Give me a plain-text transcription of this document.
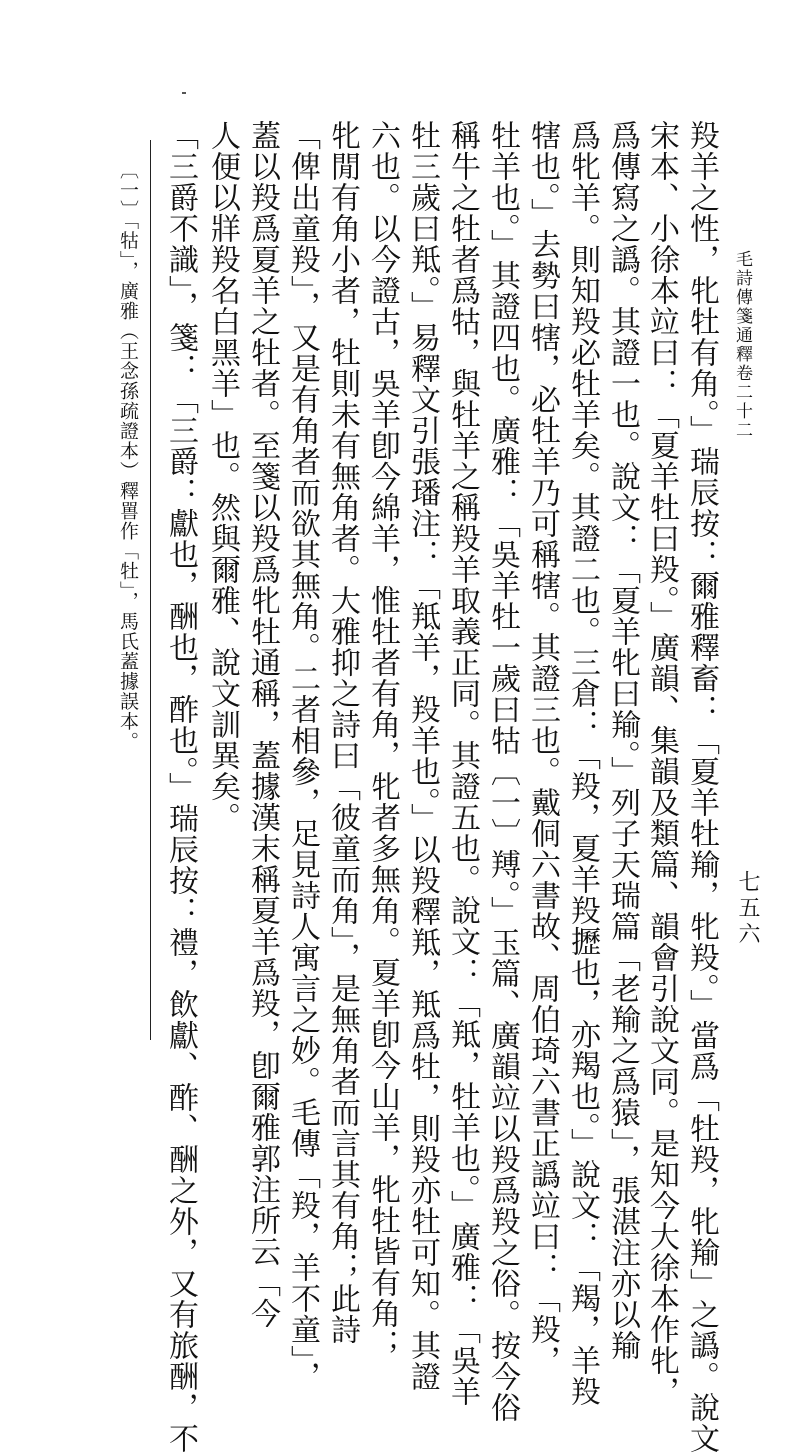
毛詩傳箋通釋卷二十二
七五六
羖羊之性，牝牡有角。」瑞辰按：爾雅釋畜：「夏羊牡羭，牝羖。」當爲「牡羖，牝羭」之譌。說文
宋本、小徐本竝曰：「夏羊牡曰羖。」廣韻、集韻及類篇、韻會引說文同。是知今大徐本作牝，
爲傳寫之譌。其證一也。說文：「夏羊牝曰羭。」列子天瑞篇「老羭之爲猿」，張湛注亦以羭
爲牝羊。則知羖必牡羊矣。其證二也。三倉：「羖，夏羊羖攊也，亦羯也。」說文：「羯，羊羖
犗也。」去勢曰犗，必牡羊乃可稱犗。其證三也。戴侗六書故、周伯琦六書正譌竝曰：「羖，
牡羊也。」其證四也。廣雅：「吳羊牡一歲曰牯〔一〕䍸。」玉篇、廣韻竝以羖爲羖之俗。按今俗
稱牛之牡者爲牯，與牡羊之稱羖羊取義正同。其證五也。說文：「羝，牡羊也。」廣雅：「吳羊
牡三歲曰羝。」易釋文引張璠注：「羝羊，羖羊也。」以羖釋羝，羝爲牡，則羖亦牡可知。其證
六也。以今證古，吳羊卽今綿羊，惟牡者有角，牝者多無角。夏羊卽今山羊，牝牡皆有角；
牝閒有角小者，牡則未有無角者。大雅抑之詩曰「彼童而角」，是無角者而言其有角；此詩
「俾出童羖」，又是有角者而欲其無角。二者相參，足見詩人寓言之妙。毛傳「羖，羊不童」，
蓋以羖爲夏羊之牡者。至箋以羖爲牝牡通稱，蓋據漢末稱夏羊爲羖，卽爾雅郭注所云「今
人便以牂羖名白黑羊」也。然與爾雅、說文訓異矣。
「三爵不識」，箋：「三爵：獻也，酬也，酢也。」瑞辰按：禮，飲獻、酢、酬之外，又有旅酬，不
〔一〕「牯」，廣雅（王念孫疏證本）釋嘼作「牡」，馬氏蓋據誤本。
